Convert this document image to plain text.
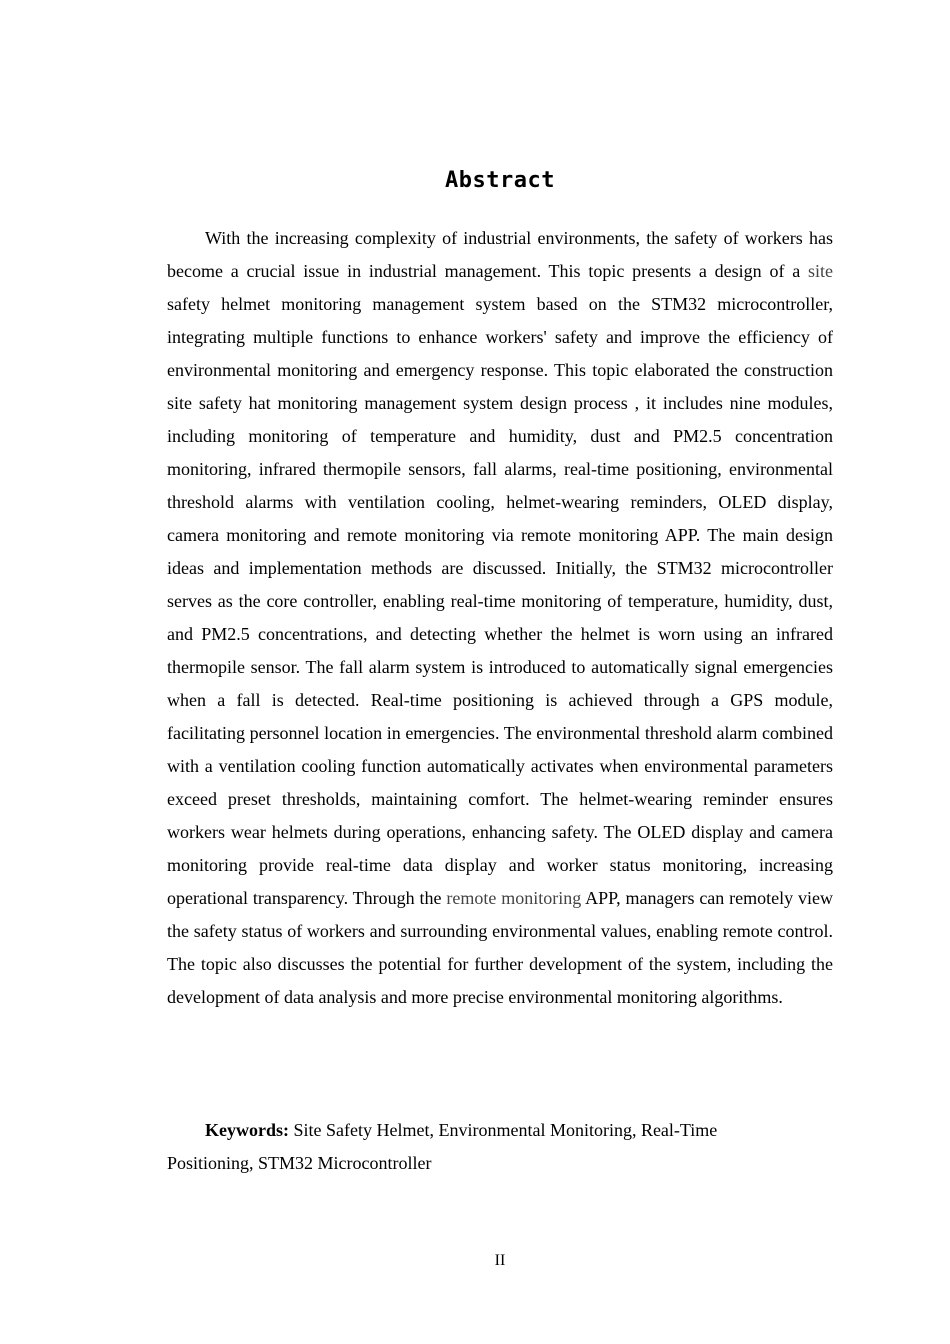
Abstract

With the increasing complexity of industrial environments, the safety of workers has become a crucial issue in industrial management. This topic presents a design of a site safety helmet monitoring management system based on the STM32 microcontroller, integrating multiple functions to enhance workers' safety and improve the efficiency of environmental monitoring and emergency response. This topic elaborated the construction site safety hat monitoring management system design process , it includes nine modules, including monitoring of temperature and humidity, dust and PM2.5 concentration monitoring, infrared thermopile sensors, fall alarms, real-time positioning, environmental threshold alarms with ventilation cooling, helmet-wearing reminders, OLED display, camera monitoring and remote monitoring via remote monitoring APP. The main design ideas and implementation methods are discussed. Initially, the STM32 microcontroller serves as the core controller, enabling real-time monitoring of temperature, humidity, dust, and PM2.5 concentrations, and detecting whether the helmet is worn using an infrared thermopile sensor. The fall alarm system is introduced to automatically signal emergencies when a fall is detected. Real-time positioning is achieved through a GPS module, facilitating personnel location in emergencies. The environmental threshold alarm combined with a ventilation cooling function automatically activates when environmental parameters exceed preset thresholds, maintaining comfort. The helmet-wearing reminder ensures workers wear helmets during operations, enhancing safety. The OLED display and camera monitoring provide real-time data display and worker status monitoring, increasing operational transparency. Through the remote monitoring APP, managers can remotely view the safety status of workers and surrounding environmental values, enabling remote control. The topic also discusses the potential for further development of the system, including the development of data analysis and more precise environmental monitoring algorithms.

Keywords: Site Safety Helmet, Environmental Monitoring, Real-Time Positioning, STM32 Microcontroller
II
